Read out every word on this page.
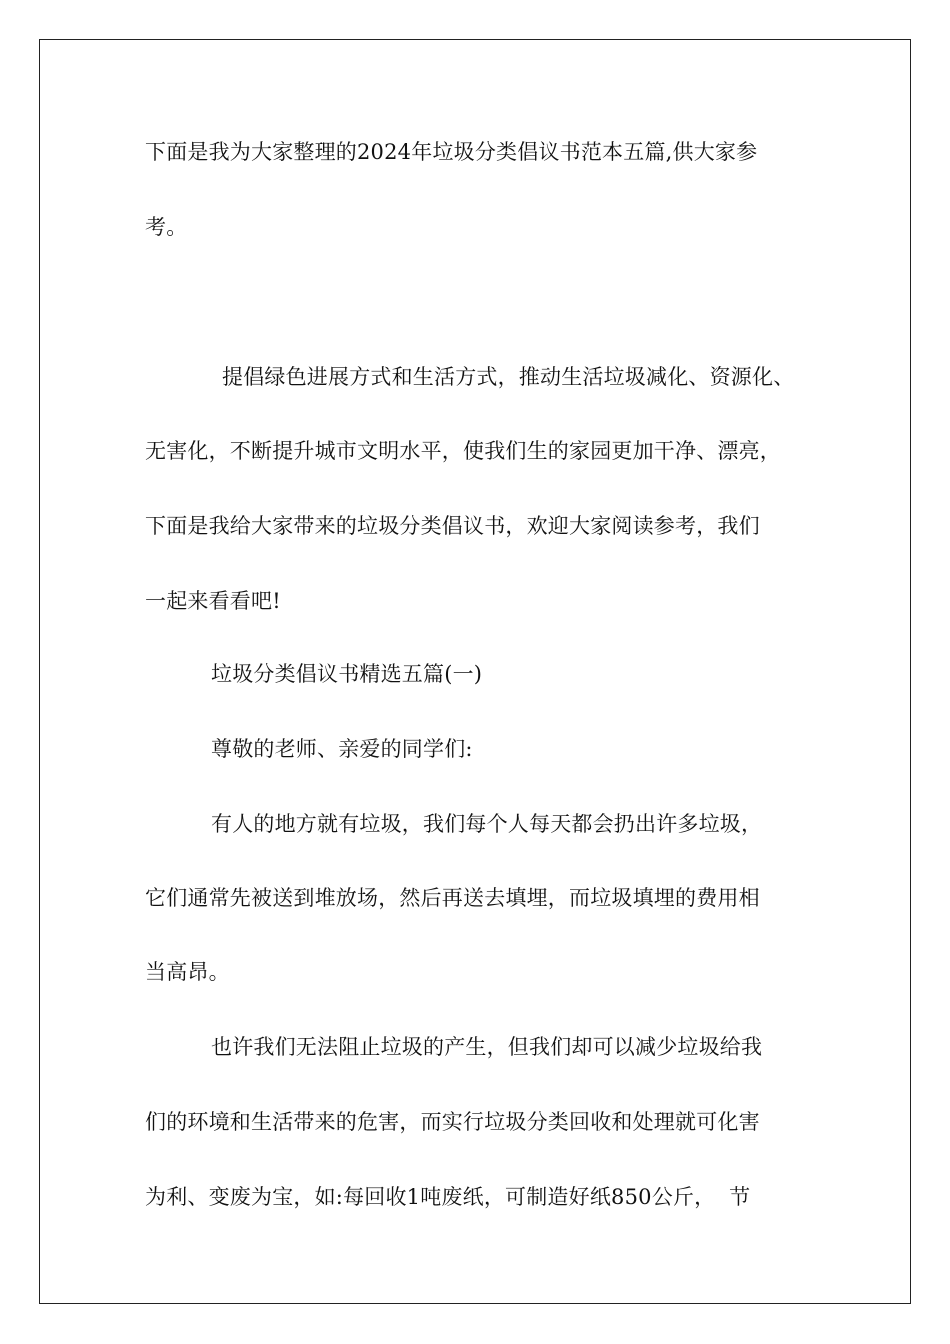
下面是我为大家整理的2024年垃圾分类倡议书范本五篇,供大家参
考。
提倡绿色进展方式和生活方式，推动生活垃圾减化、资源化、
无害化，不断提升城市文明水平，使我们生的家园更加干净、漂亮，
下面是我给大家带来的垃圾分类倡议书，欢迎大家阅读参考，我们
一起来看看吧!
垃圾分类倡议书精选五篇(一)
尊敬的老师、亲爱的同学们:
有人的地方就有垃圾，我们每个人每天都会扔出许多垃圾，
它们通常先被送到堆放场，然后再送去填埋，而垃圾填埋的费用相
当高昂。
也许我们无法阻止垃圾的产生，但我们却可以减少垃圾给我
们的环境和生活带来的危害，而实行垃圾分类回收和处理就可化害
为利、变废为宝，如:每回收1吨废纸，可制造好纸850公斤，  节
